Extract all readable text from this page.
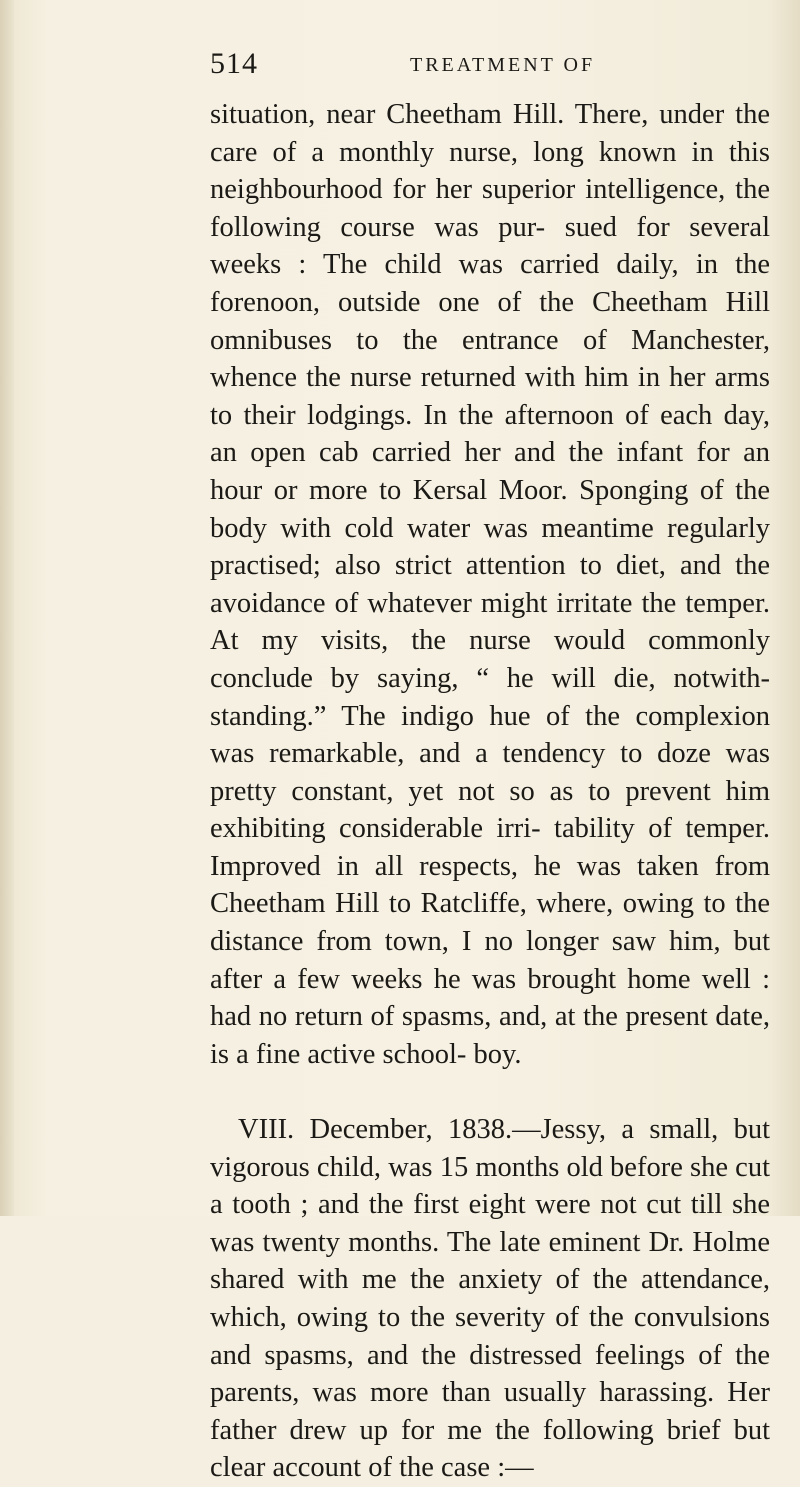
514	TREATMENT OF

situation, near Cheetham Hill. There, under the care of a monthly nurse, long known in this neighbourhood for her superior intelligence, the following course was pur- sued for several weeks : The child was carried daily, in the forenoon, outside one of the Cheetham Hill omnibuses to the entrance of Manchester, whence the nurse returned with him in her arms to their lodgings. In the afternoon of each day, an open cab carried her and the infant for an hour or more to Kersal Moor. Sponging of the body with cold water was meantime regularly practised; also strict attention to diet, and the avoidance of whatever might irritate the temper. At my visits, the nurse would commonly conclude by saying, “ he will die, notwith- standing.” The indigo hue of the complexion was remarkable, and a tendency to doze was pretty constant, yet not so as to prevent him exhibiting considerable irri- tability of temper. Improved in all respects, he was taken from Cheetham Hill to Ratcliffe, where, owing to the distance from town, I no longer saw him, but after a few weeks he was brought home well : had no return of spasms, and, at the present date, is a fine active school- boy.

VIII. December, 1838.—Jessy, a small, but vigorous child, was 15 months old before she cut a tooth ; and the first eight were not cut till she was twenty months. The late eminent Dr. Holme shared with me the anxiety of the attendance, which, owing to the severity of the convulsions and spasms, and the distressed feelings of the parents, was more than usually harassing. Her father drew up for me the following brief but clear account of the case :—
